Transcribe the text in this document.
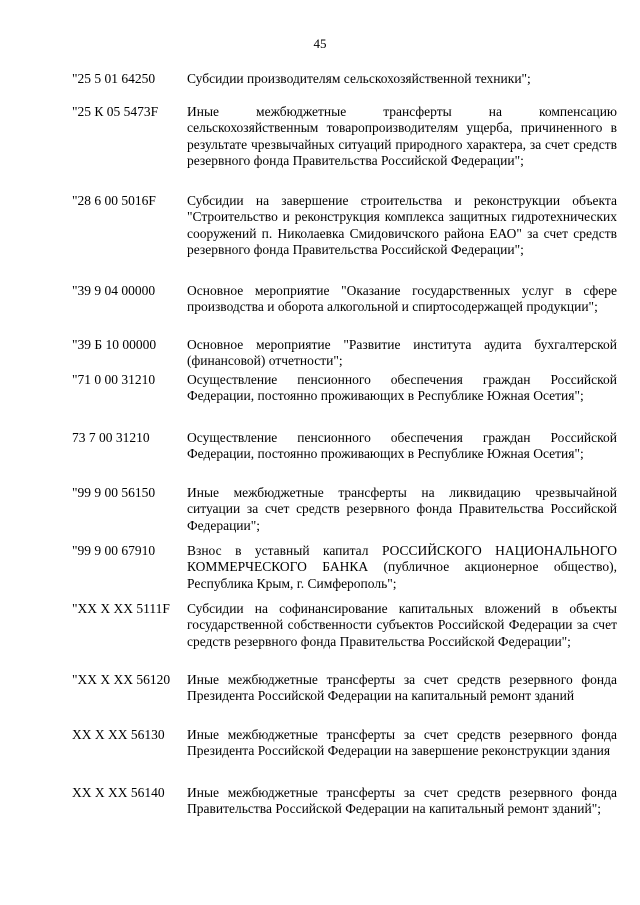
45
"25 5 01 64250	Субсидии производителям сельскохозяйственной техники";
"25 К 05 5473F	Иные межбюджетные трансферты на компенсацию сельскохозяйственным товаропроизводителям ущерба, причиненного в результате чрезвычайных ситуаций природного характера, за счет средств резервного фонда Правительства Российской Федерации";
"28 6 00 5016F	Субсидии на завершение строительства и реконструкции объекта "Строительство и реконструкция комплекса защитных гидротехнических сооружений п. Николаевка Смидовичского района ЕАО" за счет средств резервного фонда Правительства Российской Федерации";
"39 9 04 00000	Основное мероприятие "Оказание государственных услуг в сфере производства и оборота алкогольной и спиртосодержащей продукции";
"39 Б 10 00000	Основное мероприятие "Развитие института аудита бухгалтерской (финансовой) отчетности";
"71 0 00 31210	Осуществление пенсионного обеспечения граждан Российской Федерации, постоянно проживающих в Республике Южная Осетия";
73 7 00 31210	Осуществление пенсионного обеспечения граждан Российской Федерации, постоянно проживающих в Республике Южная Осетия";
"99 9 00 56150	Иные межбюджетные трансферты на ликвидацию чрезвычайной ситуации за счет средств резервного фонда Правительства Российской Федерации";
"99 9 00 67910	Взнос в уставный капитал РОССИЙСКОГО НАЦИОНАЛЬНОГО КОММЕРЧЕСКОГО БАНКА (публичное акционерное общество), Республика Крым, г. Симферополь";
"XX X XX 5111F	Субсидии на софинансирование капитальных вложений в объекты государственной собственности субъектов Российской Федерации за счет средств резервного фонда Правительства Российской Федерации";
"XX X XX 56120	Иные межбюджетные трансферты за счет средств резервного фонда Президента Российской Федерации на капитальный ремонт зданий
XX X XX 56130	Иные межбюджетные трансферты за счет средств резервного фонда Президента Российской Федерации на завершение реконструкции здания
XX X XX 56140	Иные межбюджетные трансферты за счет средств резервного фонда Правительства Российской Федерации на капитальный ремонт зданий";
